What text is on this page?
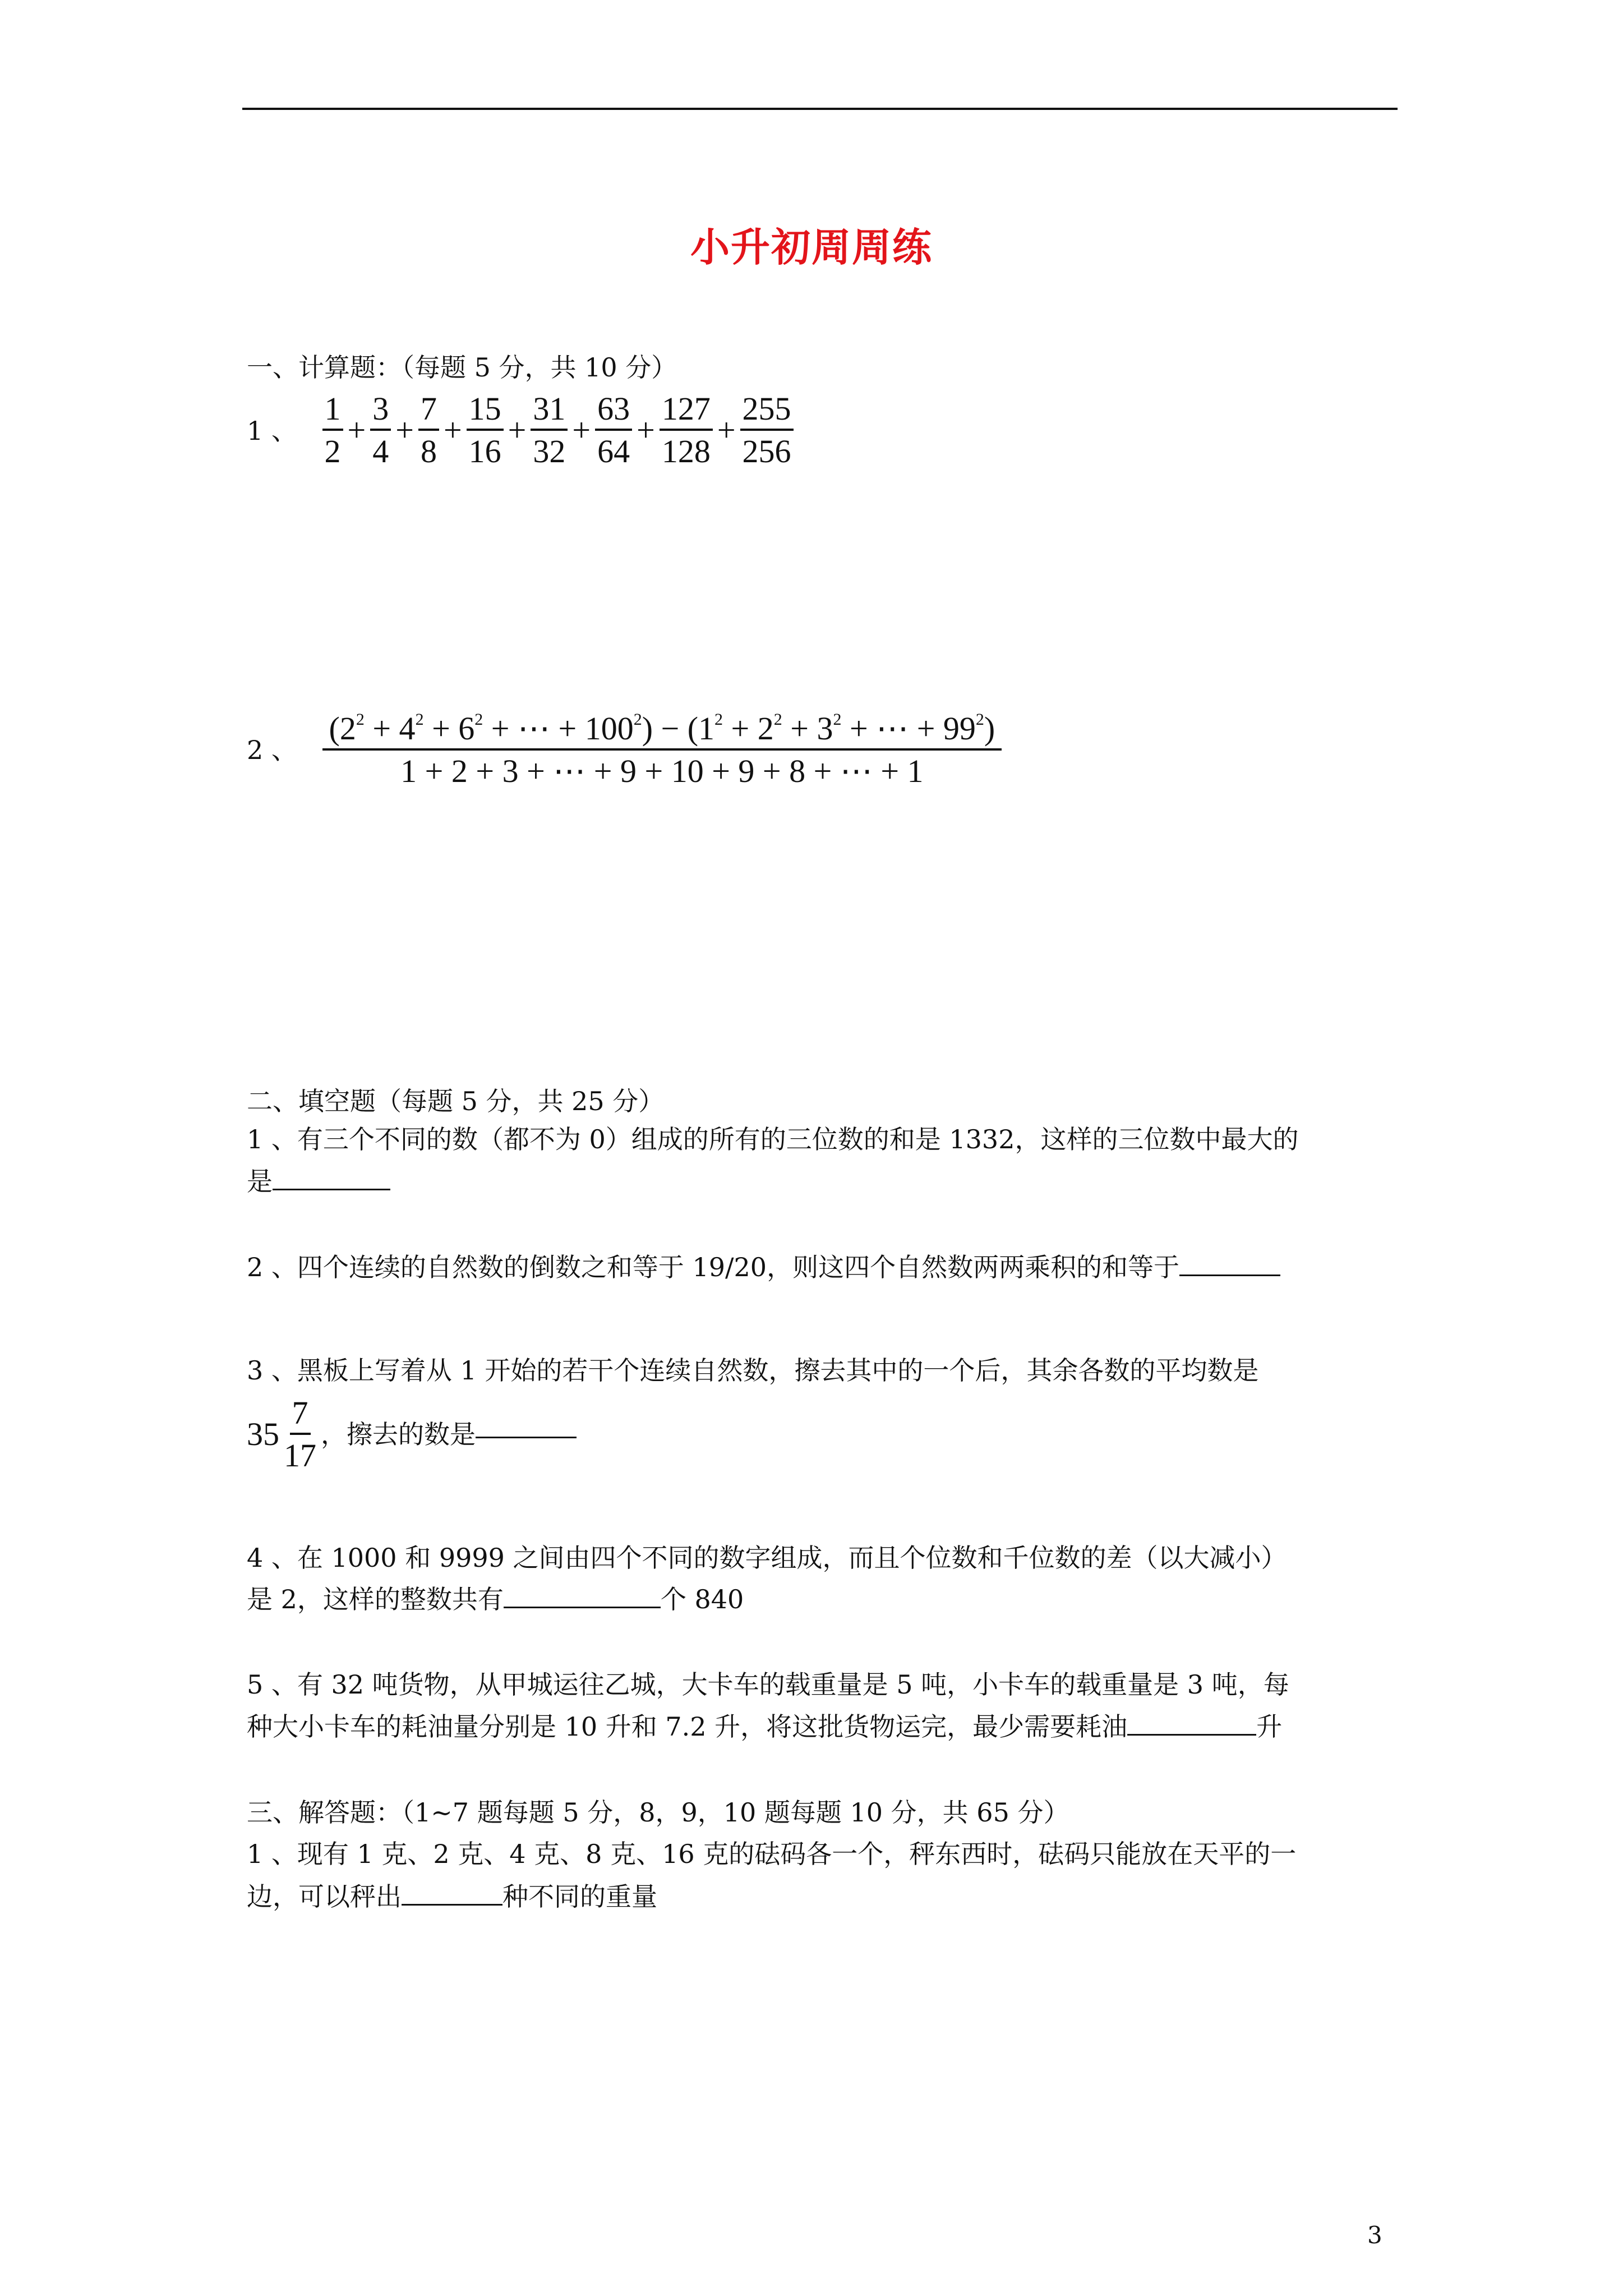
小升初周周练
一、计算题：（每题 5 分，共 10 分）
1 、 $\frac{1}{2} + \frac{3}{4} + \frac{7}{8} + \frac{15}{16} + \frac{31}{32} + \frac{63}{64} + \frac{127}{128} + \frac{255}{256}$
2 、 $\frac{(2^2 + 4^2 + 6^2 + \cdots + 100^2) - (1^2 + 2^2 + 3^2 + \cdots + 99^2)}{1 + 2 + 3 + \cdots + 9 + 10 + 9 + 8 + \cdots + 1}$
二、填空题（每题 5 分，共 25 分）
1 、有三个不同的数（都不为 0）组成的所有的三位数的和是 1332，这样的三位数中最大的
是
2 、四个连续的自然数的倒数之和等于 19/20，则这四个自然数两两乘积的和等于
3 、黑板上写着从 1 开始的若干个连续自然数，擦去其中的一个后，其余各数的平均数是
$35 \frac{7}{17}$ ，擦去的数是
4 、在 1000 和 9999 之间由四个不同的数字组成，而且个位数和千位数的差（以大减小）
是 2，这样的整数共有	个 840
5 、有 32 吨货物，从甲城运往乙城，大卡车的载重量是 5 吨，小卡车的载重量是 3 吨，每
种大小卡车的耗油量分别是 10 升和 7.2 升，将这批货物运完，最少需要耗油	升
三、解答题：（1~7 题每题 5 分，8，9，10 题每题 10 分，共 65 分）
1 、现有 1 克、2 克、4 克、8 克、16 克的砝码各一个，秤东西时，砝码只能放在天平的一
边，可以秤出	种不同的重量
3
